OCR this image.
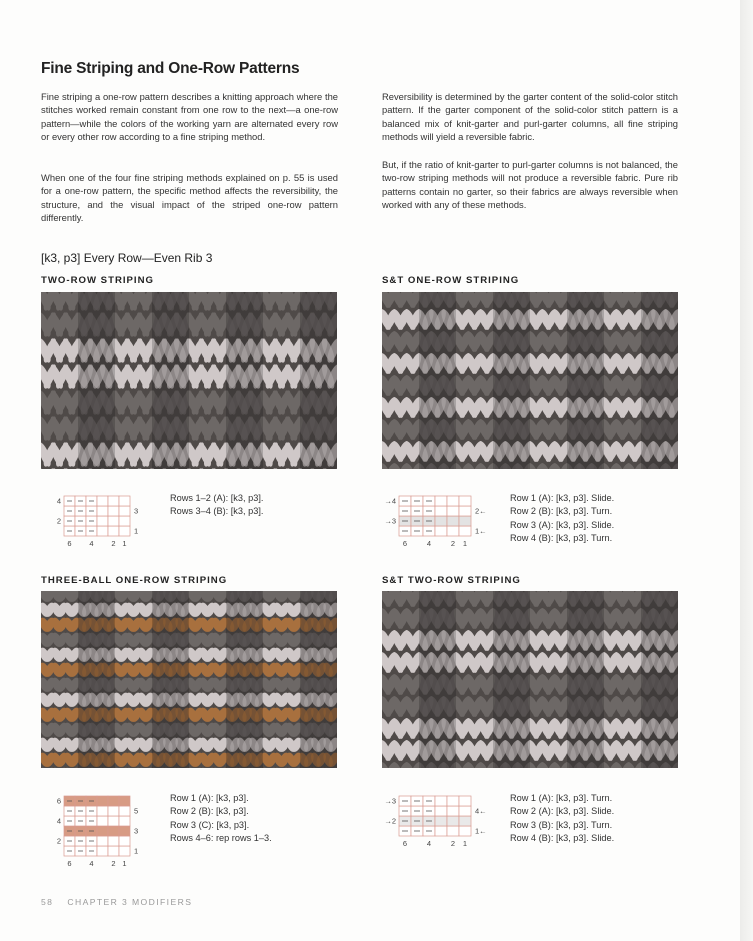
Fine Striping and One-Row Patterns

Fine striping a one-row pattern describes a knitting approach where the stitches worked remain constant from one row to the next—a one-row pattern—while the colors of the working yarn are alternated every row or every other row according to a fine striping method.

When one of the four fine striping methods explained on p. 55 is used for a one-row pattern, the specific method affects the reversibility, the structure, and the visual impact of the striped one-row pattern differently.

Reversibility is determined by the garter content of the solid-color stitch pattern. If the garter component of the solid-color stitch pattern is a balanced mix of knit-garter and purl-garter columns, all fine striping methods will yield a reversible fabric.

But, if the ratio of knit-garter to purl-garter columns is not balanced, the two-row striping methods will not produce a reversible fabric. Pure rib patterns contain no garter, so their fabrics are always reversible when worked with any of these methods.

[k3, p3] Every Row—Even Rib 3
TWO-ROW STRIPING
4
2
3
1
6 4 2 1
Rows 1–2 (A): [k3, p3].
Rows 3–4 (B): [k3, p3].
S&T ONE-ROW STRIPING
→4
→3
2←
1←
6	4	2 1
Row 1 (A): [k3, p3]. Slide.
Row 2 (B): [k3, p3]. Turn.
Row 3 (A): [k3, p3]. Slide.
Row 4 (B): [k3, p3]. Turn.
THREE-BALL ONE-ROW STRIPING
6
4
2
5
3
1
6 4 2 1
Row 1 (A): [k3, p3].
Row 2 (B): [k3, p3].
Row 3 (C): [k3, p3].
Rows 4–6: rep rows 1–3.
S&T TWO-ROW STRIPING
→3
→2
4←
1←
6	4	2 1
Row 1 (A): [k3, p3]. Turn.
Row 2 (A): [k3, p3]. Slide.
Row 3 (B): [k3, p3]. Turn.
Row 4 (B): [k3, p3]. Slide.
58 CHAPTER 3 MODIFIERS
